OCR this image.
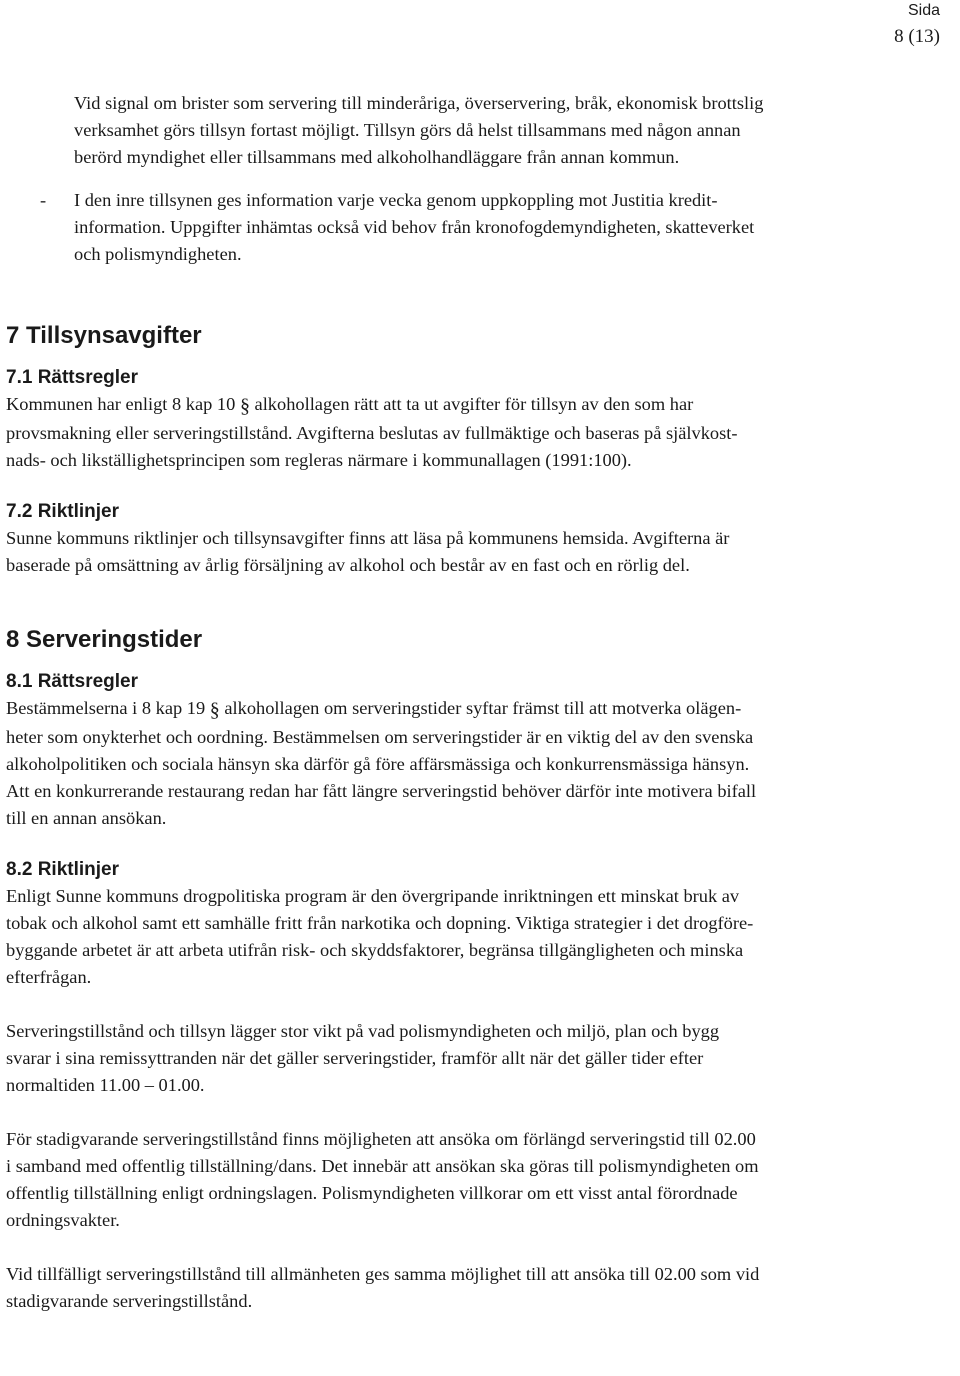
Sida
8 (13)

Vid signal om brister som servering till minderåriga, överservering, bråk, ekonomisk brottslig
verksamhet görs tillsyn fortast möjligt. Tillsyn görs då helst tillsammans med någon annan
berörd myndighet eller tillsammans med alkoholhandläggare från annan kommun.

- I den inre tillsynen ges information varje vecka genom uppkoppling mot Justitia kredit-
information. Uppgifter inhämtas också vid behov från kronofogdemyndigheten, skatteverket
och polismyndigheten.

7 Tillsynsavgifter
7.1 Rättsregler

Kommunen har enligt 8 kap 10 § alkohollagen rätt att ta ut avgifter för tillsyn av den som har
provsmakning eller serveringstillstånd. Avgifterna beslutas av fullmäktige och baseras på självkost-
nads- och likställighetsprincipen som regleras närmare i kommunallagen (1991:100).

7.2 Riktlinjer

Sunne kommuns riktlinjer och tillsynsavgifter finns att läsa på kommunens hemsida. Avgifterna är
baserade på omsättning av årlig försäljning av alkohol och består av en fast och en rörlig del.

8 Serveringstider
8.1 Rättsregler

Bestämmelserna i 8 kap 19 § alkohollagen om serveringstider syftar främst till att motverka olägen-
heter som onykterhet och oordning. Bestämmelsen om serveringstider är en viktig del av den svenska
alkoholpolitiken och sociala hänsyn ska därför gå före affärsmässiga och konkurrensmässiga hänsyn.
Att en konkurrerande restaurang redan har fått längre serveringstid behöver därför inte motivera bifall
till en annan ansökan.

8.2 Riktlinjer

Enligt Sunne kommuns drogpolitiska program är den övergripande inriktningen ett minskat bruk av
tobak och alkohol samt ett samhälle fritt från narkotika och dopning. Viktiga strategier i det drogföre-
byggande arbetet är att arbeta utifrån risk- och skyddsfaktorer, begränsa tillgängligheten och minska
efterfrågan.

Serveringstillstånd och tillsyn lägger stor vikt på vad polismyndigheten och miljö, plan och bygg
svarar i sina remissyttranden när det gäller serveringstider, framför allt när det gäller tider efter
normaltiden 11.00 – 01.00.

För stadigvarande serveringstillstånd finns möjligheten att ansöka om förlängd serveringstid till 02.00
i samband med offentlig tillställning/dans. Det innebär att ansökan ska göras till polismyndigheten om
offentlig tillställning enligt ordningslagen. Polismyndigheten villkorar om ett visst antal förordnade
ordningsvakter.

Vid tillfälligt serveringstillstånd till allmänheten ges samma möjlighet till att ansöka till 02.00 som vid
stadigvarande serveringstillstånd.
